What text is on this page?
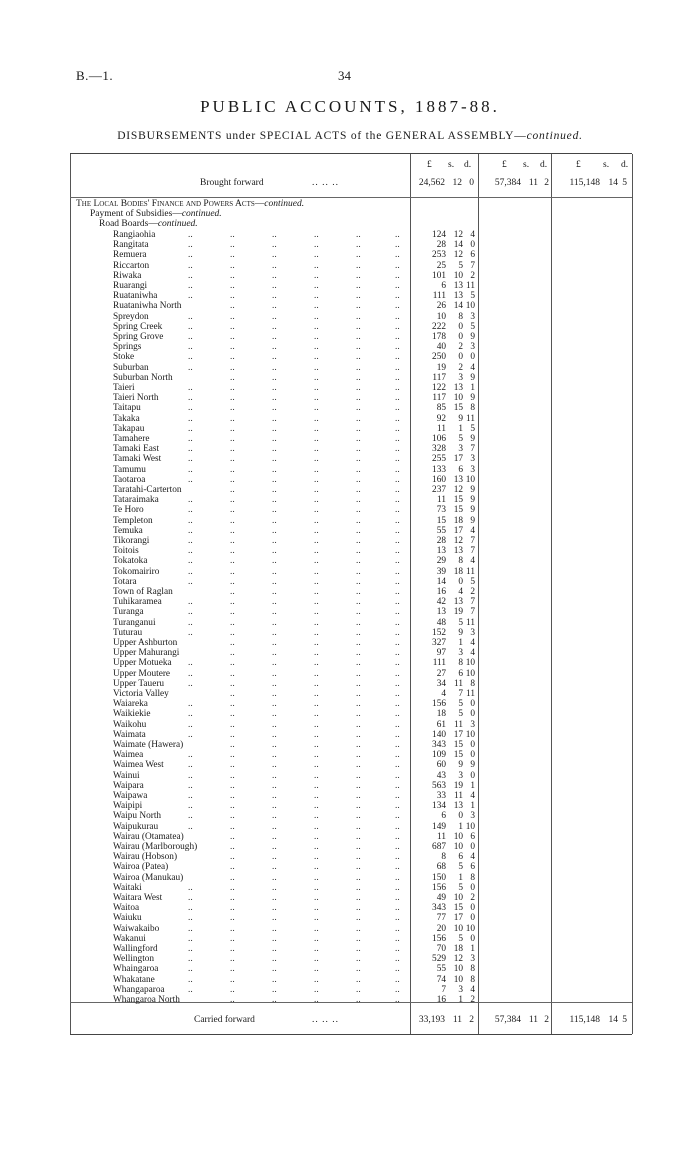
B.—1.	34
PUBLIC ACCOUNTS, 1887-88.
DISBURSEMENTS under SPECIAL ACTS of the GENERAL ASSEMBLY—continued.
£ s. d.	£ s. d.	£ s. d.
Brought forward	.. .. ..	24,562 12 0 57,384 11 2 115,148 14 5
The Local Bodies' Finance and Powers Acts—continued.
Payment of Subsidies—continued.
Road Boards—continued.
Rangiaohia	..	..	..	..	..	..	124 12 4
Rangitata	..	..	..	..	..	..	28 14 0
Remuera	..	..	..	..	..	..	253 12 6
Riccarton	..	..	..	..	..	..	25 5 7
Riwaka	..	..	..	..	..	..	101 10 2
Ruarangi	..	..	..	..	..	..	6 13 11
Ruataniwha	..	..	..	..	..	..	111 13 5
Ruataniwha North	..	..	..	..	..	26 14 10
Spreydon	..	..	..	..	..	..	10 8 3
Spring Creek	..	..	..	..	..	..	222 0 5
Spring Grove	..	..	..	..	..	..	178 0 9
Springs	..	..	..	..	..	..	40 2 3
Stoke	..	..	..	..	..	..	250 0 0
Suburban	..	..	..	..	..	..	19 2 4
Suburban North	..	..	..	..	..	117 3 9
Taieri	..	..	..	..	..	..	122 13 1
Taieri North	..	..	..	..	..	..	117 10 9
Taitapu	..	..	..	..	..	..	85 15 8
Takaka	..	..	..	..	..	..	92 9 11
Takapau	..	..	..	..	..	..	11 1 5
Tamahere	..	..	..	..	..	..	106 5 9
Tamaki East	..	..	..	..	..	..	328 3 7
Tamaki West	..	..	..	..	..	..	255 17 3
Tamumu	..	..	..	..	..	..	133 6 3
Taotaroa	..	..	..	..	..	..	160 13 10
Taratahi-Carterton	..	..	..	..	..	237 12 9
Tataraimaka	..	..	..	..	..	..	11 15 9
Te Horo	..	..	..	..	..	..	73 15 9
Templeton	..	..	..	..	..	..	15 18 9
Temuka	..	..	..	..	..	..	55 17 4
Tikorangi	..	..	..	..	..	..	28 12 7
Toitois	..	..	..	..	..	..	13 13 7
Tokatoka	..	..	..	..	..	..	29 8 4
Tokomairiro	..	..	..	..	..	..	39 18 11
Totara	..	..	..	..	..	..	14 0 5
Town of Raglan	..	..	..	..	..	16 4 2
Tuhikaramea	..	..	..	..	..	..	42 13 7
Turanga	..	..	..	..	..	..	13 19 7
Turanganui	..	..	..	..	..	..	48 5 11
Tuturau	..	..	..	..	..	..	152 9 3
Upper Ashburton	..	..	..	..	..	327 1 4
Upper Mahurangi	..	..	..	..	..	97 3 4
Upper Motueka ..	..	..	..	..	..	111 8 10
Upper Moutere ..	..	..	..	..	..	27 6 10
Upper Taueru	..	..	..	..	..	..	34 11 8
Victoria Valley	..	..	..	..	..	4 7 11
Waiareka	..	..	..	..	..	..	156 5 0
Waikiekie	..	..	..	..	..	..	18 5 0
Waikohu	..	..	..	..	..	..	61 11 3
Waimata	..	..	..	..	..	..	140 17 10
Waimate (Hawera)	..	..	..	..	..	343 15 0
Waimea	..	..	..	..	..	..	109 15 0
Waimea West	..	..	..	..	..	..	60 9 9
Wainui	..	..	..	..	..	..	43 3 0
Waipara	..	..	..	..	..	..	563 19 1
Waipawa	..	..	..	..	..	..	33 11 4
Waipipi	..	..	..	..	..	..	134 13 1
Waipu North	..	..	..	..	..	..	6 0 3
Waipukurau	..	..	..	..	..	..	149 1 10
Wairau (Otamatea)	..	..	..	..	..	11 10 6
Wairau (Marlborough)	..	..	..	..	..	687 10 0
Wairau (Hobson)	..	..	..	..	..	8 6 4
Wairoa (Patea)	..	..	..	..	..	68 5 6
Wairoa (Manukau)	..	..	..	..	..	150 1 8
Waitaki	..	..	..	..	..	..	156 5 0
Waitara West	..	..	..	..	..	..	49 10 2
Waitoa	..	..	..	..	..	..	343 15 0
Waiuku	..	..	..	..	..	..	77 17 0
Waiwakaibo	..	..	..	..	..	..	20 10 10
Wakanui	..	..	..	..	..	..	156 5 0
Wallingford	..	..	..	..	..	..	70 18 1
Wellington	..	..	..	..	..	..	529 12 3
Whaingaroa	..	..	..	..	..	..	55 10 8
Whakatane	..	..	..	..	..	..	74 10 8
Whangaparoa	..	..	..	..	..	..	7 3 4
Whangaroa North	..	..	..	..	..	16 1 2
Carried forward	.. .. ..	33,193 11 2 57,384 11 2 115,148 14 5
